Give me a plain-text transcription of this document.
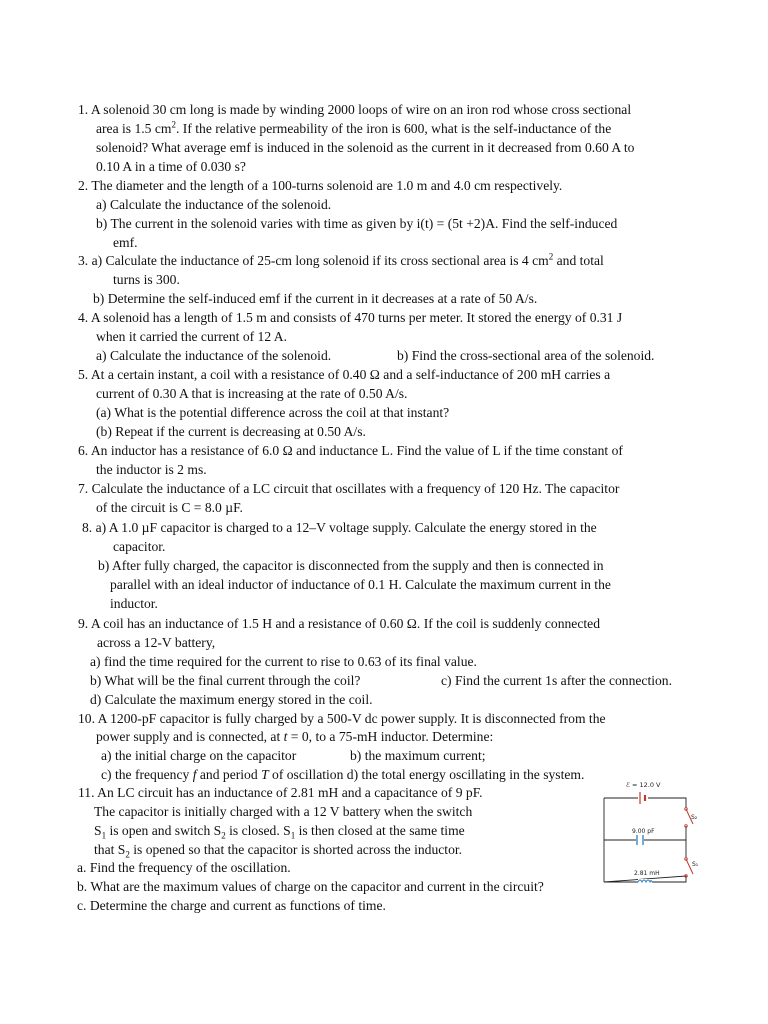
1. A solenoid 30 cm long is made by winding 2000 loops of wire on an iron rod whose cross sectional
area is 1.5 $cm^2$. If the relative permeability of the iron is 600, what is the self-inductance of the
solenoid? What average emf is induced in the solenoid as the current in it decreased from 0.60 A to
0.10 A in a time of 0.030 s?
2. The diameter and the length of a 100-turns solenoid are 1.0 m and 4.0 cm respectively.
a) Calculate the inductance of the solenoid.
b) The current in the solenoid varies with time as given by i(t) = (5t +2)A. Find the self-induced
emf.
3. a) Calculate the inductance of 25-cm long solenoid if its cross sectional area is 4 $cm^2$ and total
turns is 300.
b) Determine the self-induced emf if the current in it decreases at a rate of 50 A/s.
4. A solenoid has a length of 1.5 m and consists of 470 turns per meter. It stored the energy of 0.31 J
when it carried the current of 12 A.
a) Calculate the inductance of the solenoid.	b) Find the cross-sectional area of the solenoid.
5. At a certain instant, a coil with a resistance of 0.40 Ω and a self-inductance of 200 mH carries a
current of 0.30 A that is increasing at the rate of 0.50 A/s.
(a) What is the potential difference across the coil at that instant?
(b) Repeat if the current is decreasing at 0.50 A/s.
6. An inductor has a resistance of 6.0 Ω and inductance L. Find the value of L if the time constant of
the inductor is 2 ms.
7. Calculate the inductance of a LC circuit that oscillates with a frequency of 120 Hz. The capacitor
of the circuit is C = 8.0 µF.
8. a) A 1.0 µF capacitor is charged to a 12–V voltage supply. Calculate the energy stored in the
capacitor.
b) After fully charged, the capacitor is disconnected from the supply and then is connected in
parallel with an ideal inductor of inductance of 0.1 H. Calculate the maximum current in the
inductor.
9. A coil has an inductance of 1.5 H and a resistance of 0.60 Ω. If the coil is suddenly connected
across a 12-V battery,
a) find the time required for the current to rise to 0.63 of its final value.
b) What will be the final current through the coil?	c) Find the current 1s after the connection.
d) Calculate the maximum energy stored in the coil.
10. A 1200-pF capacitor is fully charged by a 500-V dc power supply. It is disconnected from the
power supply and is connected, at t = 0, to a 75-mH inductor. Determine:
a) the initial charge on the capacitor	b) the maximum current;
c) the frequency f and period T of oscillation d) the total energy oscillating in the system.
11. An LC circuit has an inductance of 2.81 mH and a capacitance of 9 pF.
The capacitor is initially charged with a 12 V battery when the switch
$S_1$ is open and switch $S_2$ is closed. $S_1$ is then closed at the same time
that $S_2$ is opened so that the capacitor is shorted across the inductor.
a. Find the frequency of the oscillation.
b. What are the maximum values of charge on the capacitor and current in the circuit?
c. Determine the charge and current as functions of time.
ℰ = 12.0 V
S₂
9.00 pF
S₁
2.81 mH
